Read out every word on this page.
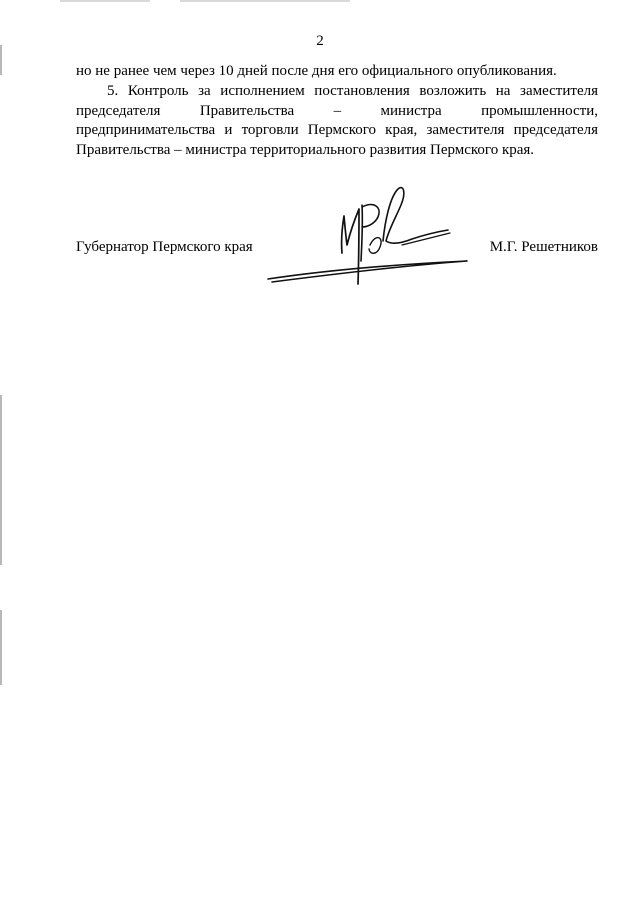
2
но не ранее чем через 10 дней после дня его официального опубликования.
5. Контроль за исполнением постановления возложить на заместителя председателя Правительства – министра промышленности, предпринимательства и торговли Пермского края, заместителя председателя Правительства – министра территориального развития Пермского края.
Губернатор Пермского края	М.Г. Решетников
